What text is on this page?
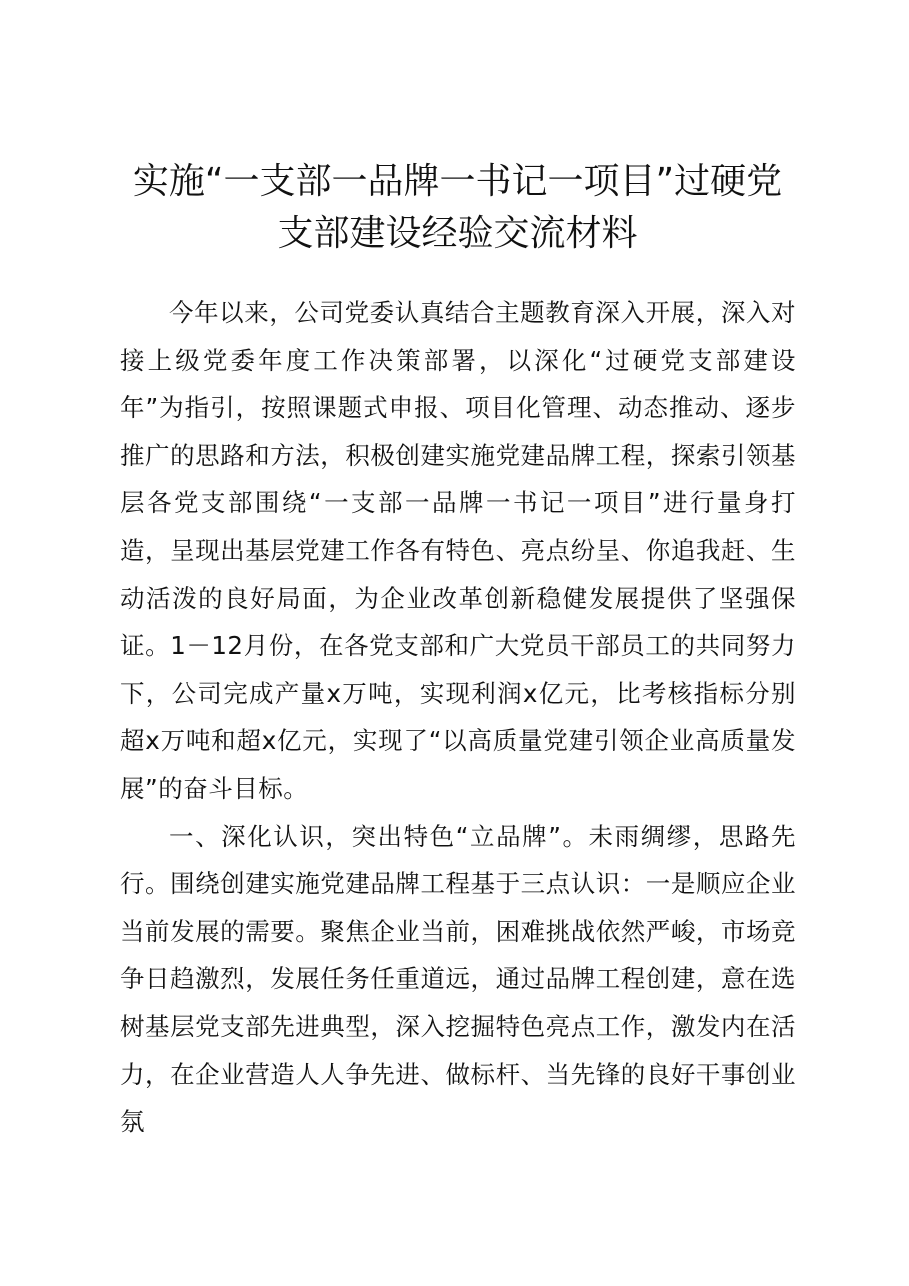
实施“一支部一品牌一书记一项目”过硬党支部建设经验交流材料

今年以来，公司党委认真结合主题教育深入开展，深入对接上级党委年度工作决策部署，以深化“过硬党支部建设年”为指引，按照课题式申报、项目化管理、动态推动、逐步推广的思路和方法，积极创建实施党建品牌工程，探索引领基层各党支部围绕“一支部一品牌一书记一项目”进行量身打造，呈现出基层党建工作各有特色、亮点纷呈、你追我赶、生动活泼的良好局面，为企业改革创新稳健发展提供了坚强保证。1－12月份，在各党支部和广大党员干部员工的共同努力下，公司完成产量x万吨，实现利润x亿元，比考核指标分别超x万吨和超x亿元，实现了“以高质量党建引领企业高质量发展”的奋斗目标。

一、深化认识，突出特色“立品牌”。未雨绸缪，思路先行。围绕创建实施党建品牌工程基于三点认识：一是顺应企业当前发展的需要。聚焦企业当前，困难挑战依然严峻，市场竞争日趋激烈，发展任务任重道远，通过品牌工程创建，意在选树基层党支部先进典型，深入挖掘特色亮点工作，激发内在活力，在企业营造人人争先进、做标杆、当先锋的良好干事创业氛
